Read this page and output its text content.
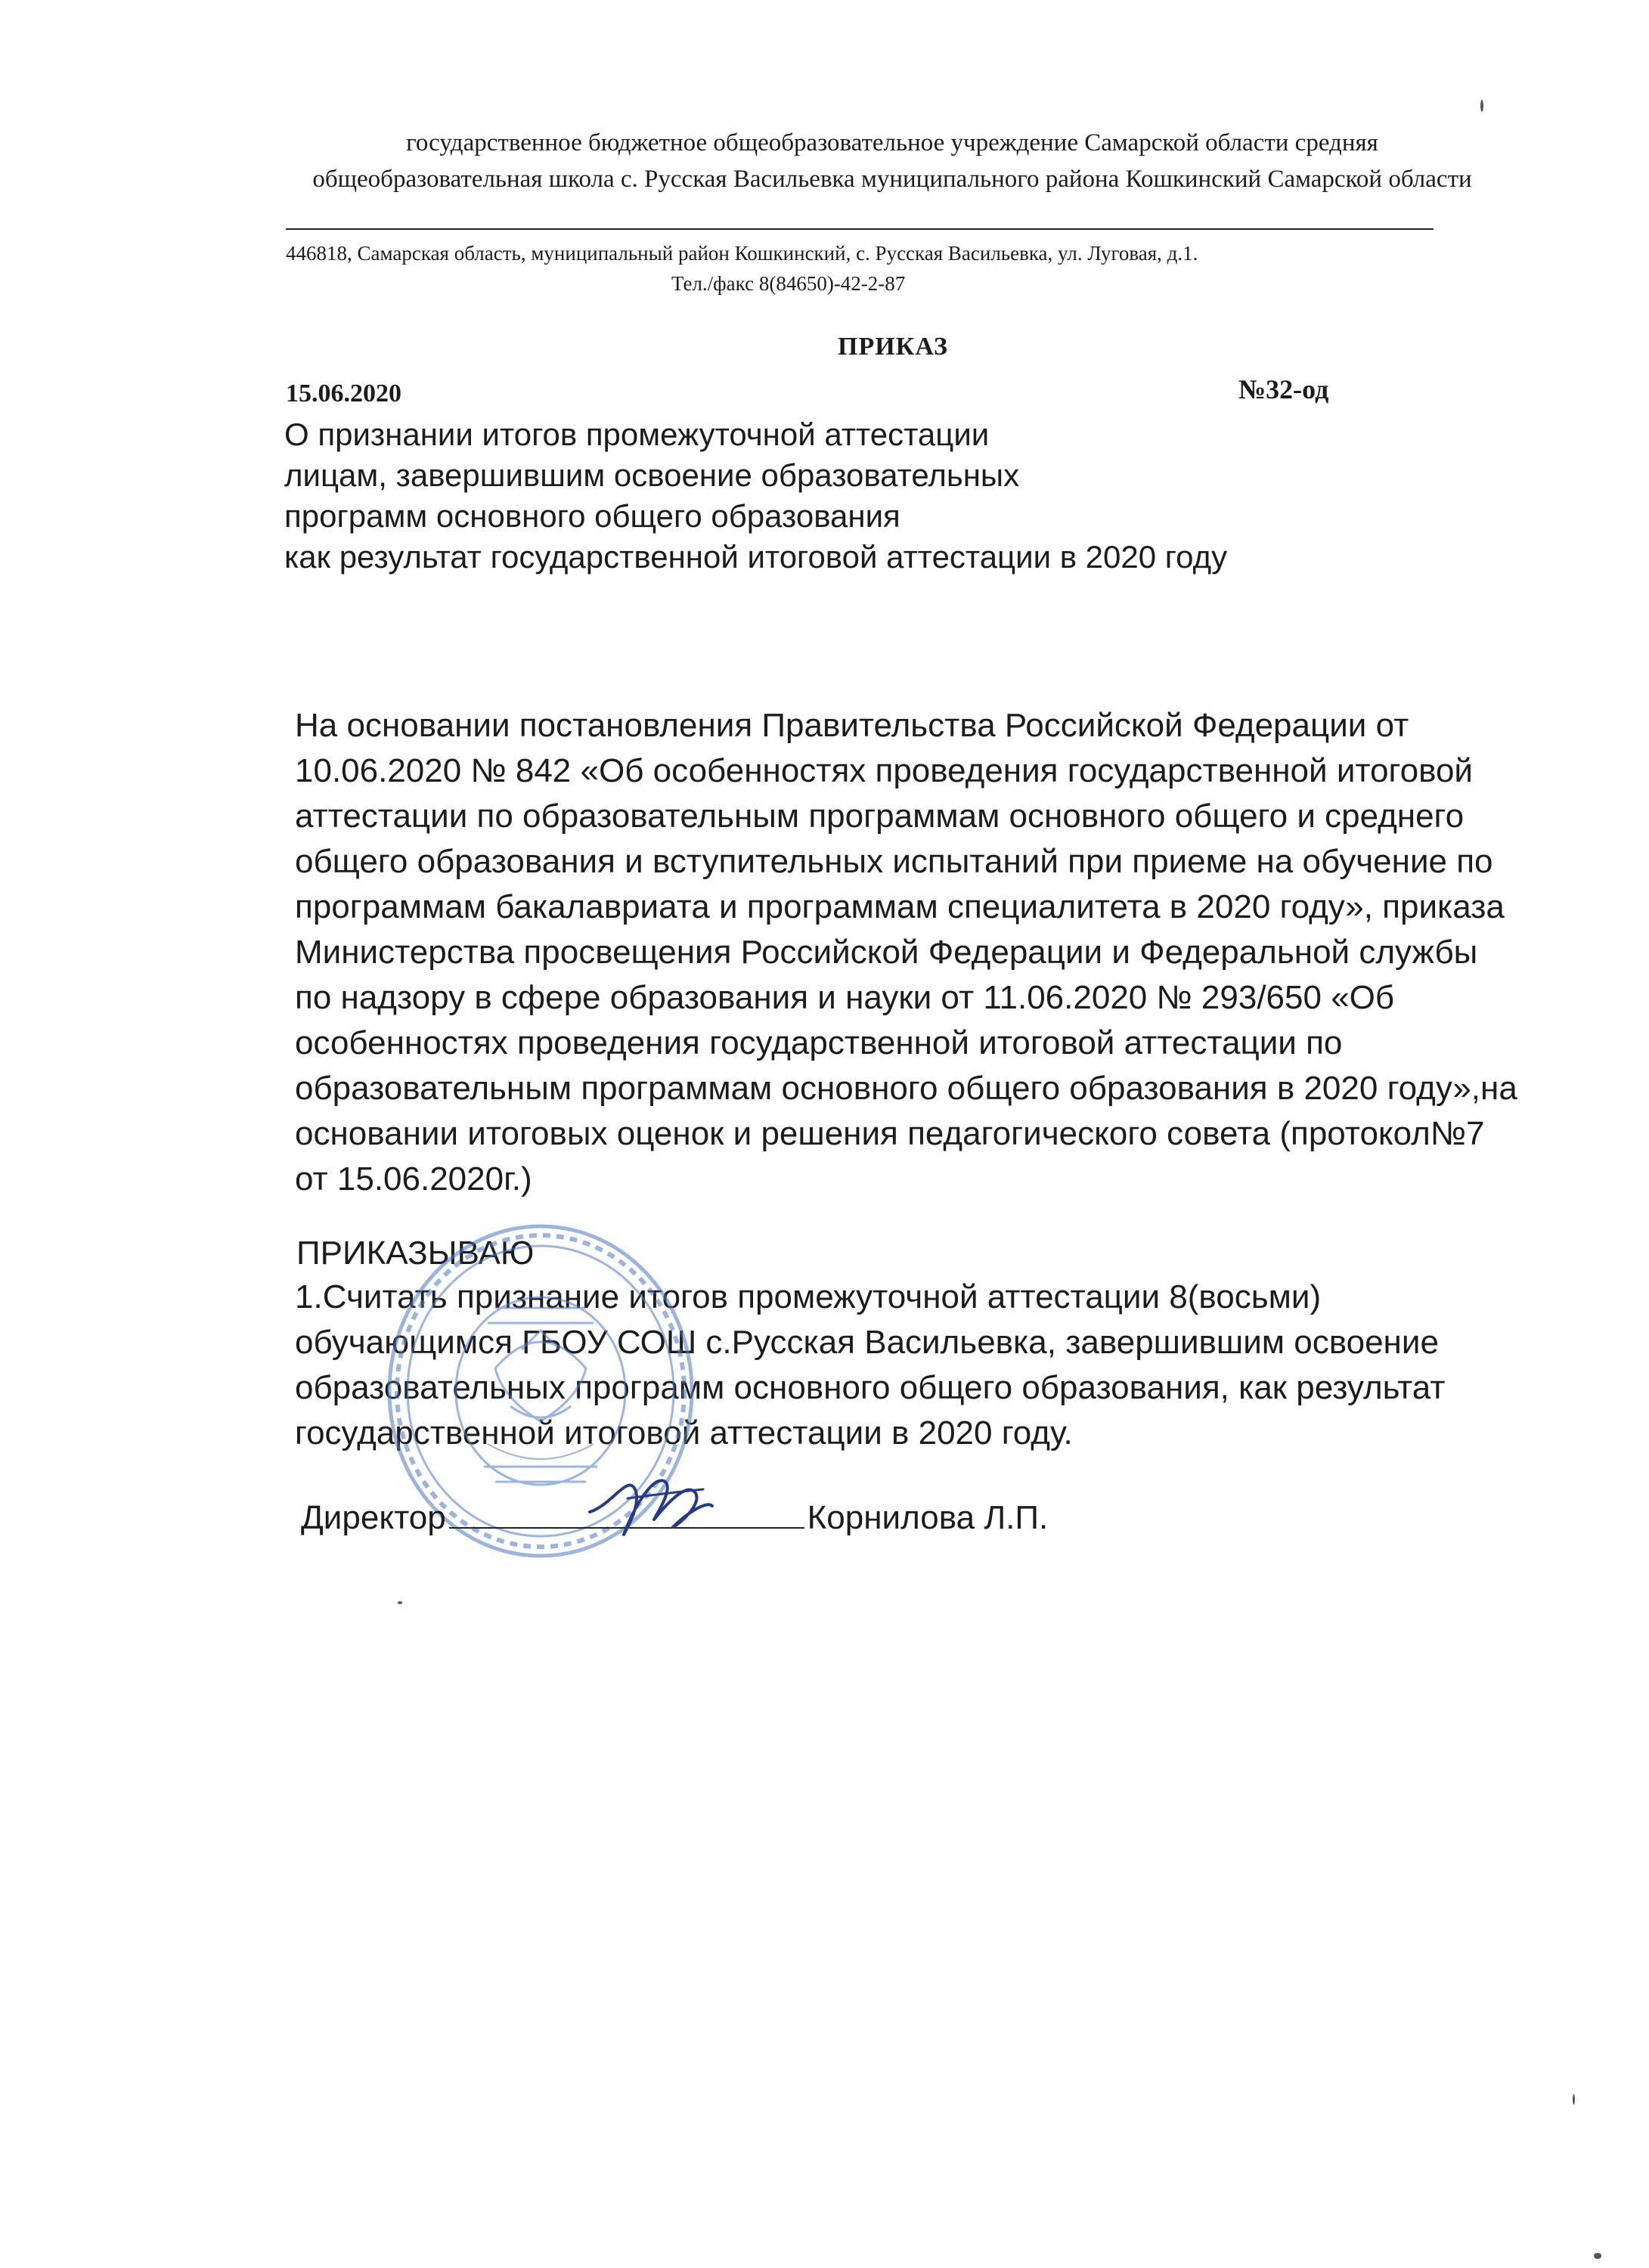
государственное бюджетное общеобразовательное учреждение Самарской области средняя
общеобразовательная школа с. Русская Васильевка муниципального района Кошкинский Самарской области
446818, Самарская область, муниципальный район Кошкинский, с. Русская Васильевка, ул. Луговая, д.1.
Тел./факс 8(84650)-42-2-87
ПРИКАЗ
15.06.2020	№32-од
О признании итогов промежуточной аттестации
лицам, завершившим освоение образовательных
программ основного общего образования
как результат государственной итоговой аттестации в 2020 году
На основании постановления Правительства Российской Федерации от
10.06.2020 № 842 «Об особенностях проведения государственной итоговой
аттестации по образовательным программам основного общего и среднего
общего образования и вступительных испытаний при приеме на обучение по
программам бакалавриата и программам специалитета в 2020 году», приказа
Министерства просвещения Российской Федерации и Федеральной службы
по надзору в сфере образования и науки от 11.06.2020 № 293/650 «Об
особенностях проведения государственной итоговой аттестации по
образовательным программам основного общего образования в 2020 году»,на
основании итоговых оценок и решения педагогического совета (протокол№7
от 15.06.2020г.)
ПРИКАЗЫВАЮ
1.Считать признание итогов промежуточной аттестации 8(восьми)
обучающимся ГБОУ СОШ с.Русская Васильевка, завершившим освоение
образовательных программ основного общего образования, как результат
государственной итоговой аттестации в 2020 году.
Директор	Корнилова Л.П.
